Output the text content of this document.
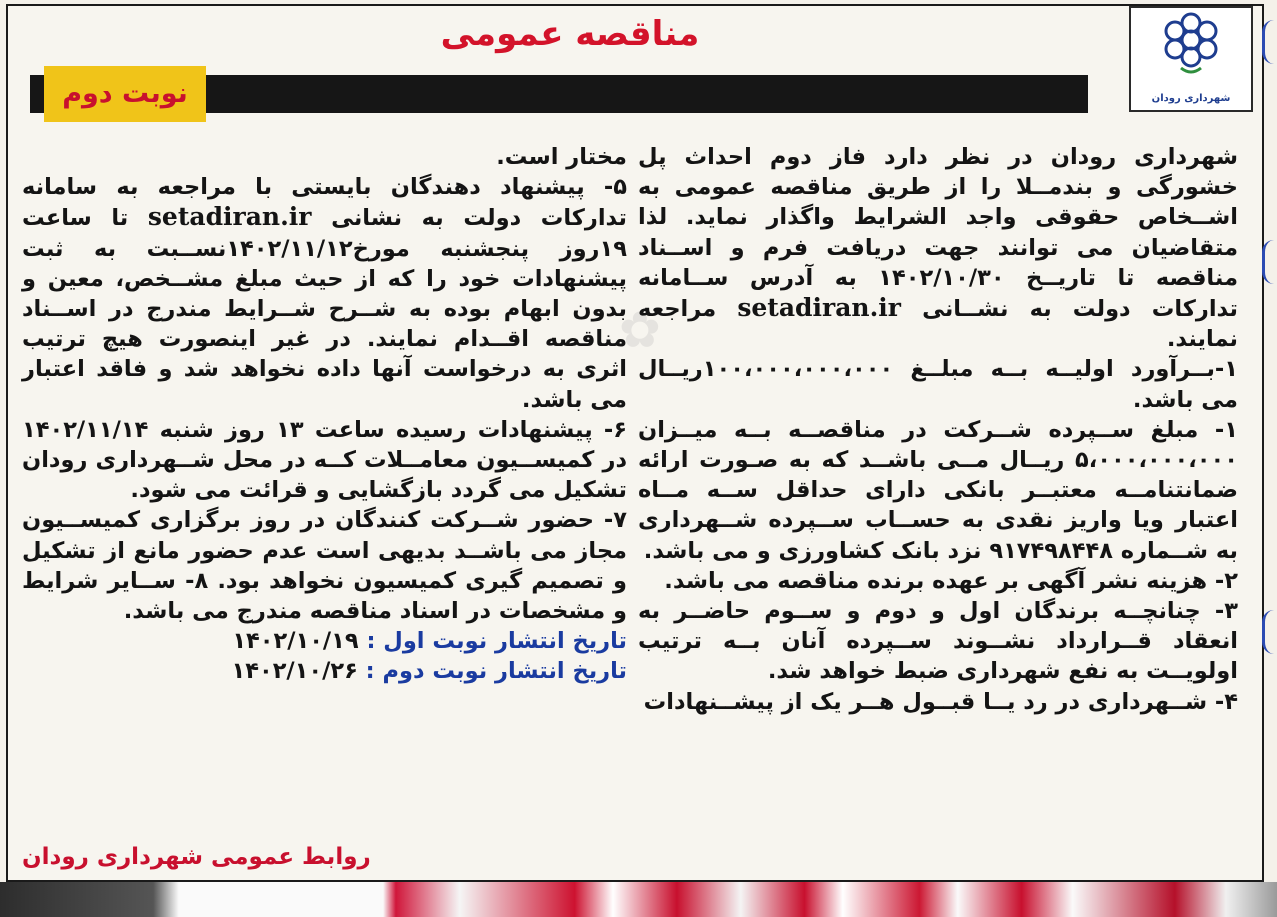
شهرداری رودان
مناقصه عمومی
نوبت دوم

شهرداری رودان در نظر دارد فاز دوم احداث پل خشورگی و بندمــلا را از طریق مناقصه عمومی به اشــخاص حقوقی واجد الشرایط واگذار نماید. لذا متقاضیان می توانند جهت دریافت فرم و اســناد مناقصه تا تاریــخ ۱۴۰۲/۱۰/۳۰ به آدرس ســامانه تدارکات دولت به نشــانی setadiran.ir مراجعه نمایند.

۱-بــرآورد اولیــه بــه مبلــغ ۱۰۰،۰۰۰،۰۰۰،۰۰۰ریــال می باشد.

۱- مبلغ ســپرده شــرکت در مناقصــه بــه میــزان ۵،۰۰۰،۰۰۰،۰۰۰ ریــال مــی باشــد که به صـورت ارائه ضمانتنامــه معتبــر بانکی دارای حداقل ســه مــاه اعتبار ویا واریز نقدی به حســاب ســپرده شــهرداری به شــماره ۹۱۷۴۹۸۴۴۸ نزد بانک کشاورزی و می باشد.

۲- هزینه نشر آگهی بر عهده برنده مناقصه می باشد.

۳- چنانچــه برندگان اول و دوم و ســوم حاضــر به انعقاد قــرارداد نشــوند ســپرده آنان بــه ترتیب اولویــت به نفع شهرداری ضبط خواهد شد.

۴- شــهرداری در رد یــا قبــول هــر یک از پیشــنهادات

مختار است.

۵- پیشنهاد دهندگان بایستی با مراجعه به سامانه تدارکات دولت به نشانی setadiran.ir تا ساعت ۱۹روز پنجشنبه مورخ۱۴۰۲/۱۱/۱۲نســبت به ثبت پیشنهادات خود را که از حیث مبلغ مشــخص، معین و بدون ابهام بوده به شــرح شــرایط مندرج در اســناد مناقصه اقــدام نمایند. در غیر اینصورت هیچ ترتیب اثری به درخواست آنها داده نخواهد شد و فاقد اعتبار می باشد.

۶- پیشنهادات رسیده ساعت ۱۳ روز شنبه ۱۴۰۲/۱۱/۱۴ در کمیســیون معامــلات کــه در محل شــهرداری رودان تشکیل می گردد بازگشایی و قرائت می شود.

۷- حضور شــرکت کنندگان در روز برگزاری کمیســیون مجاز می باشــد بدیهی است عدم حضور مانع از تشکیل و تصمیم گیری کمیسیون نخواهد بود. ۸- ســایر شرایط و مشخصات در اسناد مناقصه مندرج می باشد.

تاریخ انتشار نوبت اول : ۱۴۰۲/۱۰/۱۹

تاریخ انتشار نوبت دوم : ۱۴۰۲/۱۰/۲۶

روابط عمومی شهرداری رودان
